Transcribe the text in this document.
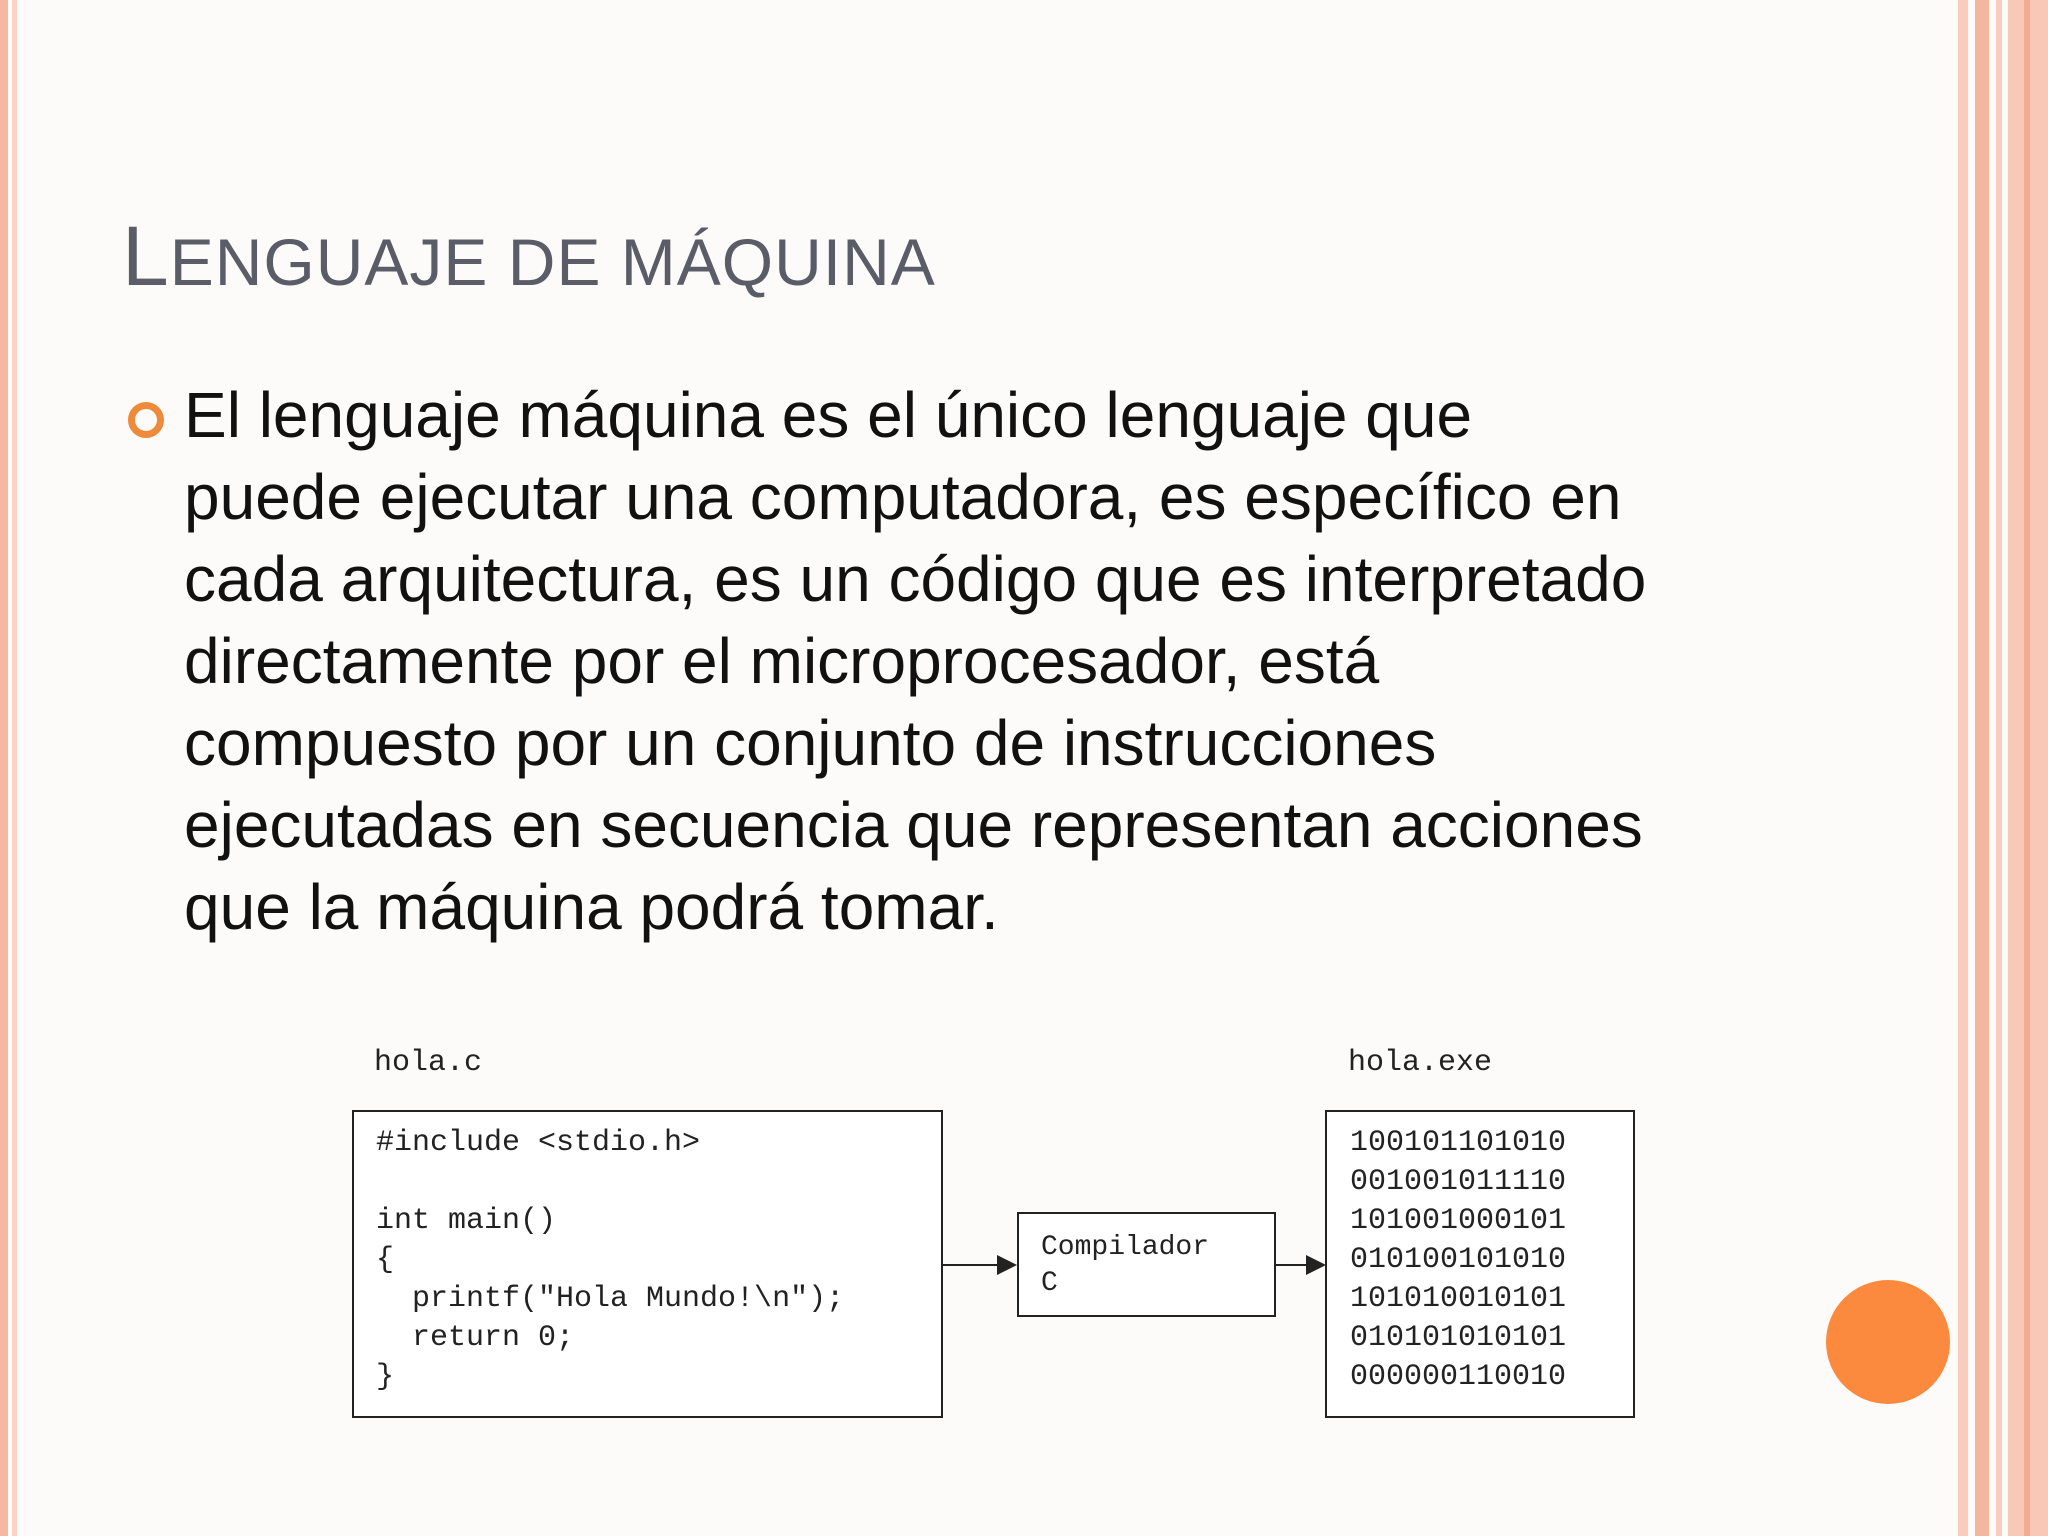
LENGUAJE DE MÁQUINA
El lenguaje máquina es el único lenguaje que
puede ejecutar una computadora, es específico en
cada arquitectura, es un código que es interpretado
directamente por el microprocesador, está
compuesto por un conjunto de instrucciones
ejecutadas en secuencia que representan acciones
que la máquina podrá tomar.
hola.c	hola.exe
#include <stdio.h>
int main()
{
printf("Hola Mundo!\n");
return 0;
}
Compilador
C
100101101010
001001011110
101001000101
010100101010
101010010101
010101010101
000000110010
